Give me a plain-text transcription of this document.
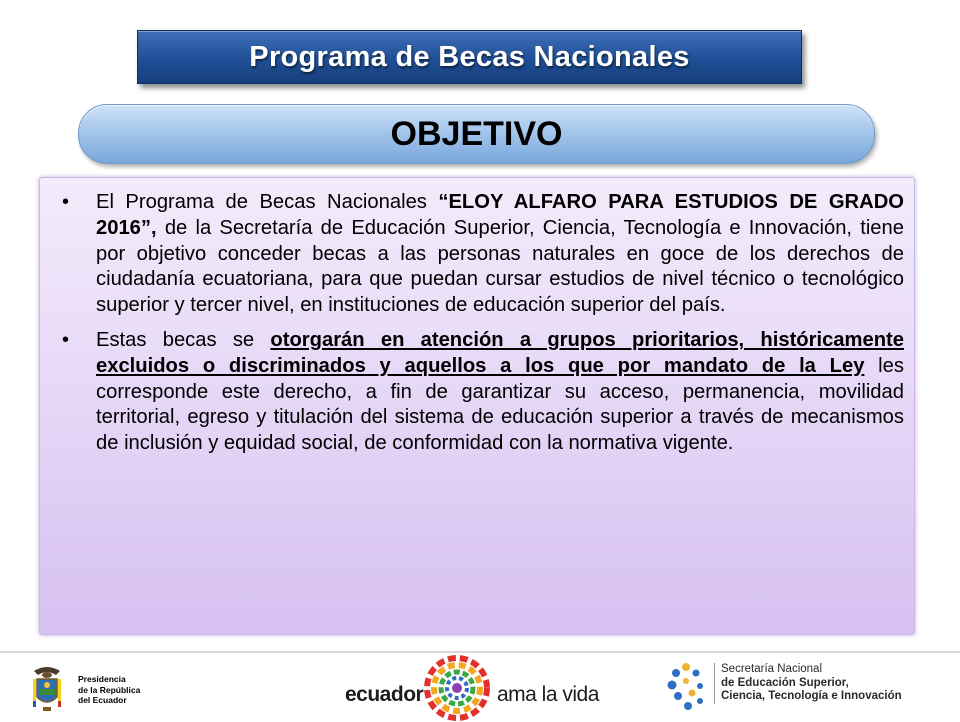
Programa de Becas Nacionales
OBJETIVO
• El Programa de Becas Nacionales “ELOY ALFARO PARA ESTUDIOS DE GRADO 2016”, de la Secretaría de Educación Superior, Ciencia, Tecnología e Innovación, tiene por objetivo conceder becas a las personas naturales en goce de los derechos de ciudadanía ecuatoriana, para que puedan cursar estudios de nivel técnico o tecnológico superior y tercer nivel, en instituciones de educación superior del país.
• Estas becas se otorgarán en atención a grupos prioritarios, históricamente excluidos o discriminados y aquellos a los que por mandato de la Ley les corresponde este derecho, a fin de garantizar su acceso, permanencia, movilidad territorial, egreso y titulación del sistema de educación superior a través de mecanismos de inclusión y equidad social, de conformidad con la normativa vigente.
Presidencia
de la República
del Ecuador	ecuador	ama la vida
Secretaría Nacional
de Educación Superior,
Ciencia, Tecnología e Innovación
